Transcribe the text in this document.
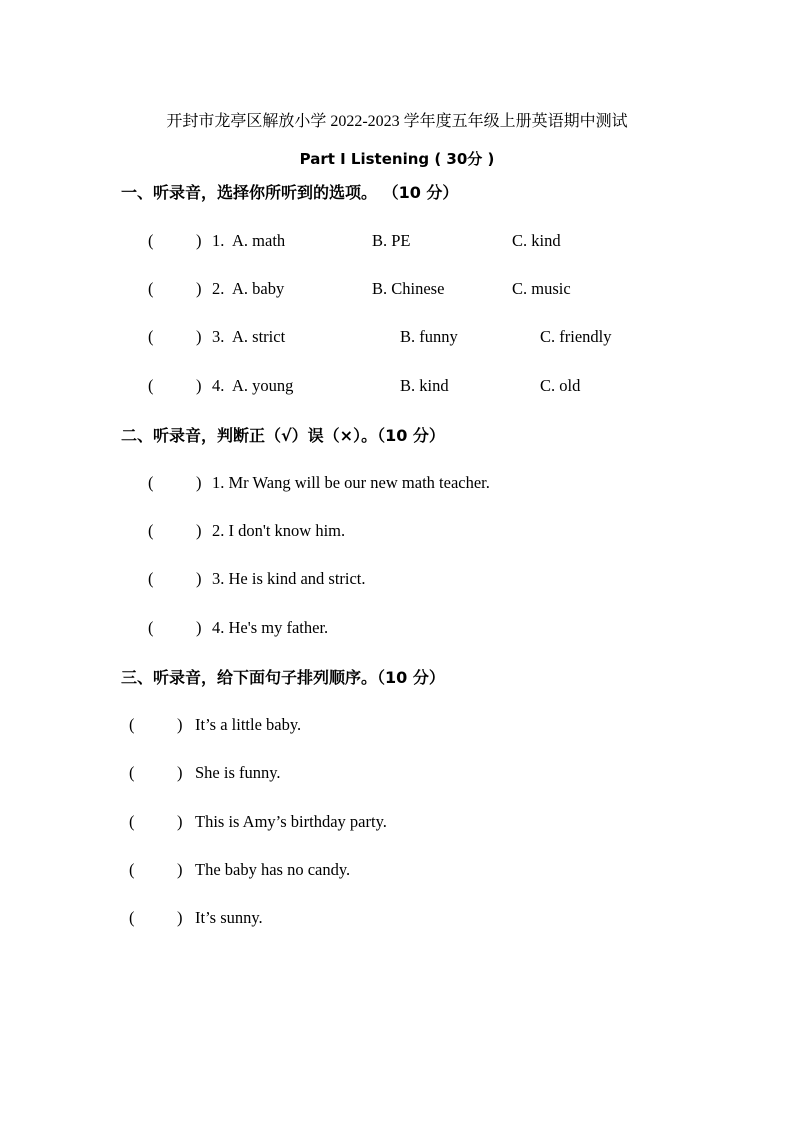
开封市龙亭区解放小学 2022-2023 学年度五年级上册英语期中测试
Part I Listening ( 30分 )
一、听录音，选择你所听到的选项。 （10 分）
(	) 1. A. math	B. PE	C. kind
(	) 2. A. baby	B. Chinese	C. music
(	) 3. A. strict	B. funny	C. friendly
(	) 4. A. young	B. kind	C. old
二、听录音，判断正（√）误（×）。（10 分）
(	) 1. Mr Wang will be our new math teacher.
(	) 2. I don't know him.
(	) 3. He is kind and strict.
(	) 4. He's my father.
三、听录音，给下面句子排列顺序。（10 分）
(	) It’s a little baby.
(	) She is funny.
(	) This is Amy’s birthday party.
(	) The baby has no candy.
(	) It’s sunny.
